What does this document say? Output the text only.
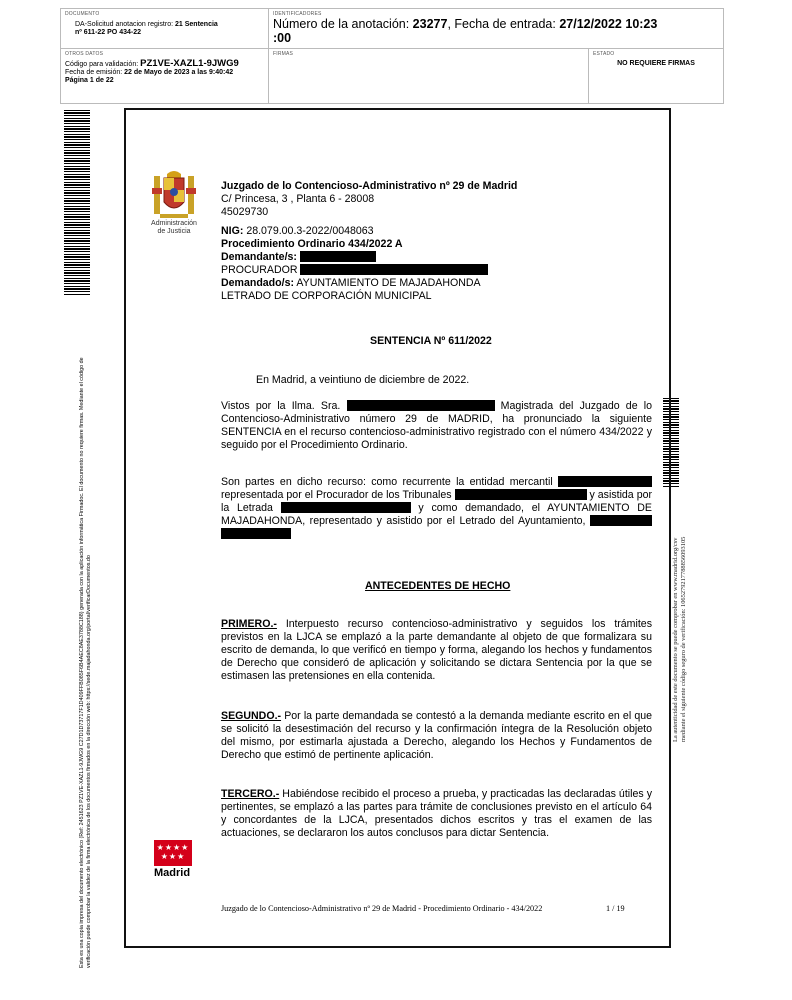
DOCUMENTO
DA-Solicitud anotacion registro: 21 Sentencia
nº 611-22 PO 434-22
IDENTIFICADORES
Número de la anotación: 23277, Fecha de entrada: 27/12/2022 10:23
:00
OTROS DATOS
Código para validación: PZ1VE-XAZL1-9JWG9
Fecha de emisión: 22 de Mayo de 2023 a las 9:40:42
Página 1 de 22
FIRMAS	ESTADO
NO REQUIERE FIRMAS
Esta es una copia impresa del documento electrónico (Ref: 2451623 PZ1VE-XAZL1-9JWG9 C27D1D73717F1D409FFB085F6B4AEC8AE3788C188) generada con la aplicación informática Firmadoc. El documento no requiere firmas. Mediante el código de verificación puede comprobar la validez de la firma electrónica de los documentos firmados en la dirección web: https://sede.majadahonda.org/portal/verificarDocumentos.do	La autenticidad de este documento se puede comprobar en www.madrid.org/csv mediante el siguiente código seguro de verificación: 1065279217788856093105
Administración
de Justicia
Juzgado de lo Contencioso-Administrativo nº 29 de Madrid
C/ Princesa, 3 , Planta 6 - 28008
45029730
NIG: 28.079.00.3-2022/0048063
Procedimiento Ordinario 434/2022 A
Demandante/s:
PROCURADOR
Demandado/s: AYUNTAMIENTO DE MAJADAHONDA
LETRADO DE CORPORACIÓN MUNICIPAL
SENTENCIA Nº 611/2022
En Madrid, a veintiuno de diciembre de 2022.
Vistos por la Ilma. Sra.	Magistrada del Juzgado de lo Contencioso-Administrativo número 29 de MADRID, ha pronunciado la siguiente SENTENCIA en el recurso contencioso-administrativo registrado con el número 434/2022 y seguido por el Procedimiento Ordinario.
Son partes en dicho recurso: como recurrente la entidad mercantil  representada por el Procurador de los Tribunales	y asistida por la Letrada	y como demandado, el AYUNTAMIENTO DE MAJADAHONDA, representado y asistido por el Letrado del Ayuntamiento,
ANTECEDENTES DE HECHO
PRIMERO.- Interpuesto recurso contencioso-administrativo y seguidos los trámites previstos en la LJCA se emplazó a la parte demandante al objeto de que formalizara su escrito de demanda, lo que verificó en tiempo y forma, alegando los hechos y fundamentos de Derecho que consideró de aplicación y solicitando se dictara Sentencia por la que se estimasen las pretensiones en ella contenida.
SEGUNDO.- Por la parte demandada se contestó a la demanda mediante escrito en el que se solicitó la desestimación del recurso y la confirmación íntegra de la Resolución objeto del mismo, por estimarla ajustada a Derecho, alegando los Hechos y Fundamentos de Derecho que estimó de pertinente aplicación.
TERCERO.- Habiéndose recibido el proceso a prueba, y practicadas las declaradas útiles y pertinentes, se emplazó a las partes para trámite de conclusiones previsto en el artículo 64 y concordantes de la LJCA, presentados dichos escritos y tras el examen de las actuaciones, se declararon los autos conclusos para dictar Sentencia.
★★★★
★★★
Madrid
Juzgado de lo Contencioso-Administrativo nº 29 de Madrid - Procedimiento Ordinario - 434/2022	1 / 19
